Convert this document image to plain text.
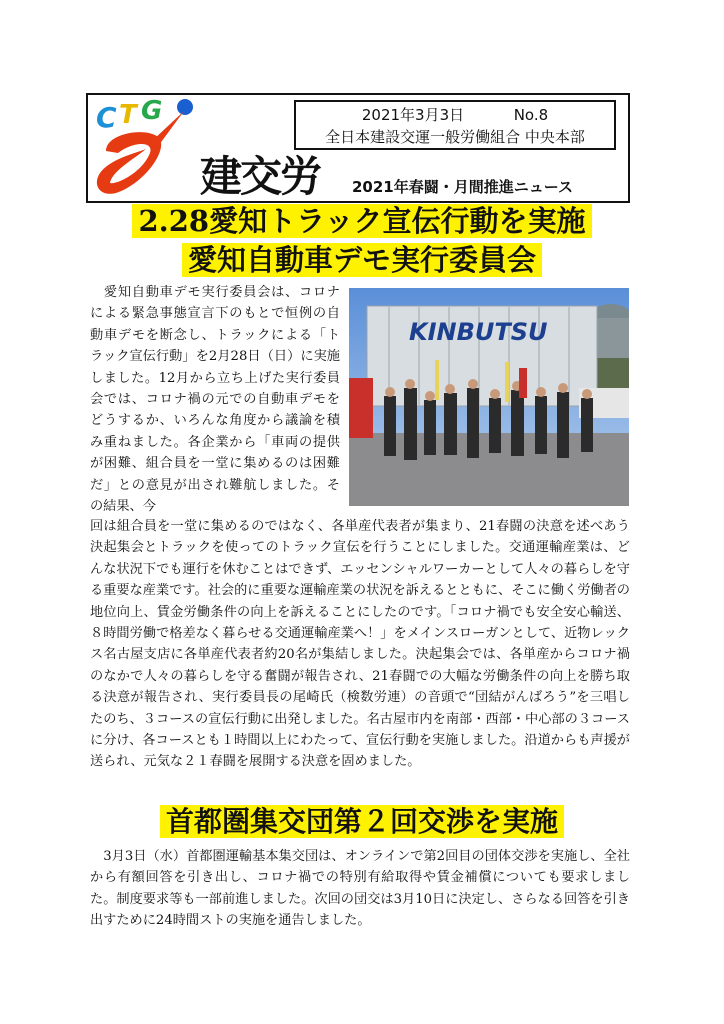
C T G	2021年3月3日	No.8
全日本建設交運一般労働組合 中央本部
建交労 2021年春闘・月間推進ニュース
2.28愛知トラック宣伝行動を実施
愛知自動車デモ実行委員会

　愛知自動車デモ実行委員会は、コロナによる緊急事態宣言下のもとで恒例の自動車デモを断念し、トラックによる「トラック宣伝行動」を2月28日（日）に実施しました。12月から立ち上げた実行委員会では、コロナ禍の元での自動車デモをどうするか、いろんな角度から議論を積み重ねました。各企業から「車両の提供が困難、組合員を一堂に集めるのは困難だ」との意見が出され難航しました。その結果、今

KINBUTSU

回は組合員を一堂に集めるのではなく、各単産代表者が集まり、21春闘の決意を述べあう決起集会とトラックを使ってのトラック宣伝を行うことにしました。交通運輸産業は、どんな状況下でも運行を休むことはできず、エッセンシャルワーカーとして人々の暮らしを守る重要な産業です。社会的に重要な運輸産業の状況を訴えるとともに、そこに働く労働者の地位向上、賃金労働条件の向上を訴えることにしたのです。「コロナ禍でも安全安心輸送、８時間労働で格差なく暮らせる交通運輸産業へ！」をメインスローガンとして、近物レックス名古屋支店に各単産代表者約20名が集結しました。決起集会では、各単産からコロナ禍のなかで人々の暮らしを守る奮闘が報告され、21春闘での大幅な労働条件の向上を勝ち取る決意が報告され、実行委員長の尾崎氏（検数労連）の音頭で“団結がんばろう”を三唱したのち、３コースの宣伝行動に出発しました。名古屋市内を南部・西部・中心部の３コースに分け、各コースとも１時間以上にわたって、宣伝行動を実施しました。沿道からも声援が送られ、元気な２１春闘を展開する決意を固めました。

首都圏集交団第２回交渉を実施

　3月3日（水）首都圏運輸基本集交団は、オンラインで第2回目の団体交渉を実施し、全社から有額回答を引き出し、コロナ禍での特別有給取得や賃金補償についても要求しました。制度要求等も一部前進しました。次回の団交は3月10日に決定し、さらなる回答を引き出すために24時間ストの実施を通告しました。
